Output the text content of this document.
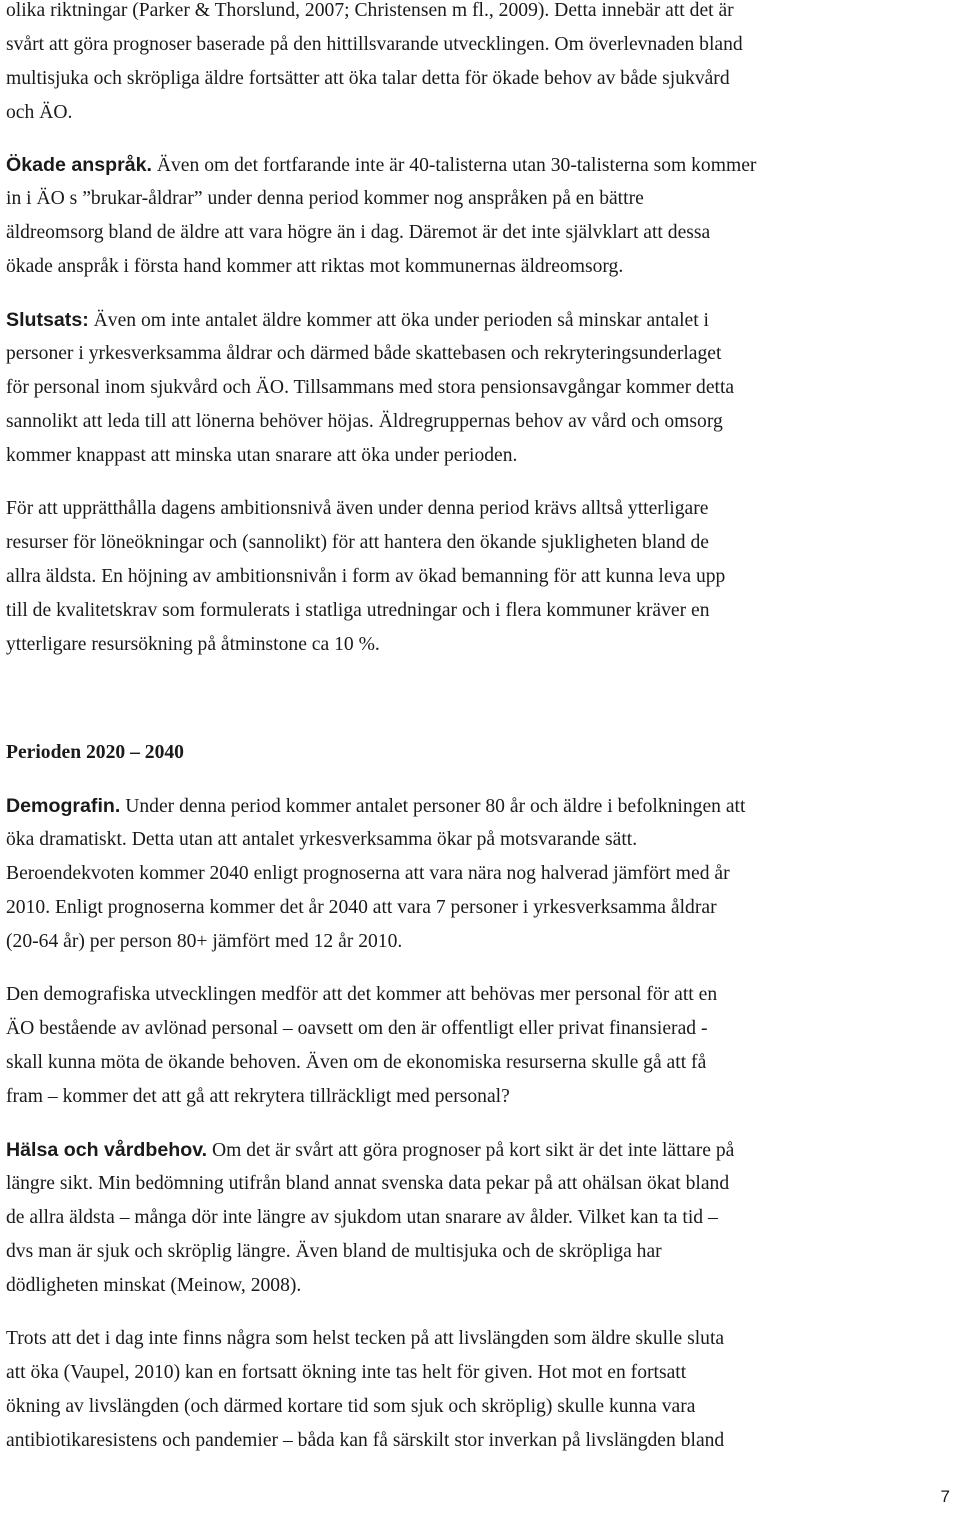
olika riktningar (Parker & Thorslund, 2007; Christensen m fl., 2009). Detta innebär att det är
svårt att göra prognoser baserade på den hittillsvarande utvecklingen. Om överlevnaden bland
multisjuka och skröpliga äldre fortsätter att öka talar detta för ökade behov av både sjukvård
och ÄO.
Ökade anspråk. Även om det fortfarande inte är 40-talisterna utan 30-talisterna som kommer
in i ÄO s ”brukar-åldrar” under denna period kommer nog anspråken på en bättre
äldreomsorg bland de äldre att vara högre än i dag. Däremot är det inte självklart att dessa
ökade anspråk i första hand kommer att riktas mot kommunernas äldreomsorg.
Slutsats: Även om inte antalet äldre kommer att öka under perioden så minskar antalet i
personer i yrkesverksamma åldrar och därmed både skattebasen och rekryteringsunderlaget
för personal inom sjukvård och ÄO. Tillsammans med stora pensionsavgångar kommer detta
sannolikt att leda till att lönerna behöver höjas. Äldregruppernas behov av vård och omsorg
kommer knappast att minska utan snarare att öka under perioden.
För att upprätthålla dagens ambitionsnivå även under denna period krävs alltså ytterligare
resurser för löneökningar och (sannolikt) för att hantera den ökande sjukligheten bland de
allra äldsta. En höjning av ambitionsnivån i form av ökad bemanning för att kunna leva upp
till de kvalitetskrav som formulerats i statliga utredningar och i flera kommuner kräver en
ytterligare resursökning på åtminstone ca 10 %.
Perioden 2020 – 2040
Demografin. Under denna period kommer antalet personer 80 år och äldre i befolkningen att
öka dramatiskt. Detta utan att antalet yrkesverksamma ökar på motsvarande sätt.
Beroendekvoten kommer 2040 enligt prognoserna att vara nära nog halverad jämfört med år
2010. Enligt prognoserna kommer det år 2040 att vara 7 personer i yrkesverksamma åldrar
(20-64 år) per person 80+ jämfört med 12 år 2010.
Den demografiska utvecklingen medför att det kommer att behövas mer personal för att en
ÄO bestående av avlönad personal – oavsett om den är offentligt eller privat finansierad -
skall kunna möta de ökande behoven. Även om de ekonomiska resurserna skulle gå att få
fram – kommer det att gå att rekrytera tillräckligt med personal?
Hälsa och vårdbehov. Om det är svårt att göra prognoser på kort sikt är det inte lättare på
längre sikt. Min bedömning utifrån bland annat svenska data pekar på att ohälsan ökat bland
de allra äldsta – många dör inte längre av sjukdom utan snarare av ålder. Vilket kan ta tid –
dvs man är sjuk och skröplig längre. Även bland de multisjuka och de skröpliga har
dödligheten minskat (Meinow, 2008).
Trots att det i dag inte finns några som helst tecken på att livslängden som äldre skulle sluta
att öka (Vaupel, 2010) kan en fortsatt ökning inte tas helt för given. Hot mot en fortsatt
ökning av livslängden (och därmed kortare tid som sjuk och skröplig) skulle kunna vara
antibiotikaresistens och pandemier – båda kan få särskilt stor inverkan på livslängden bland
7
